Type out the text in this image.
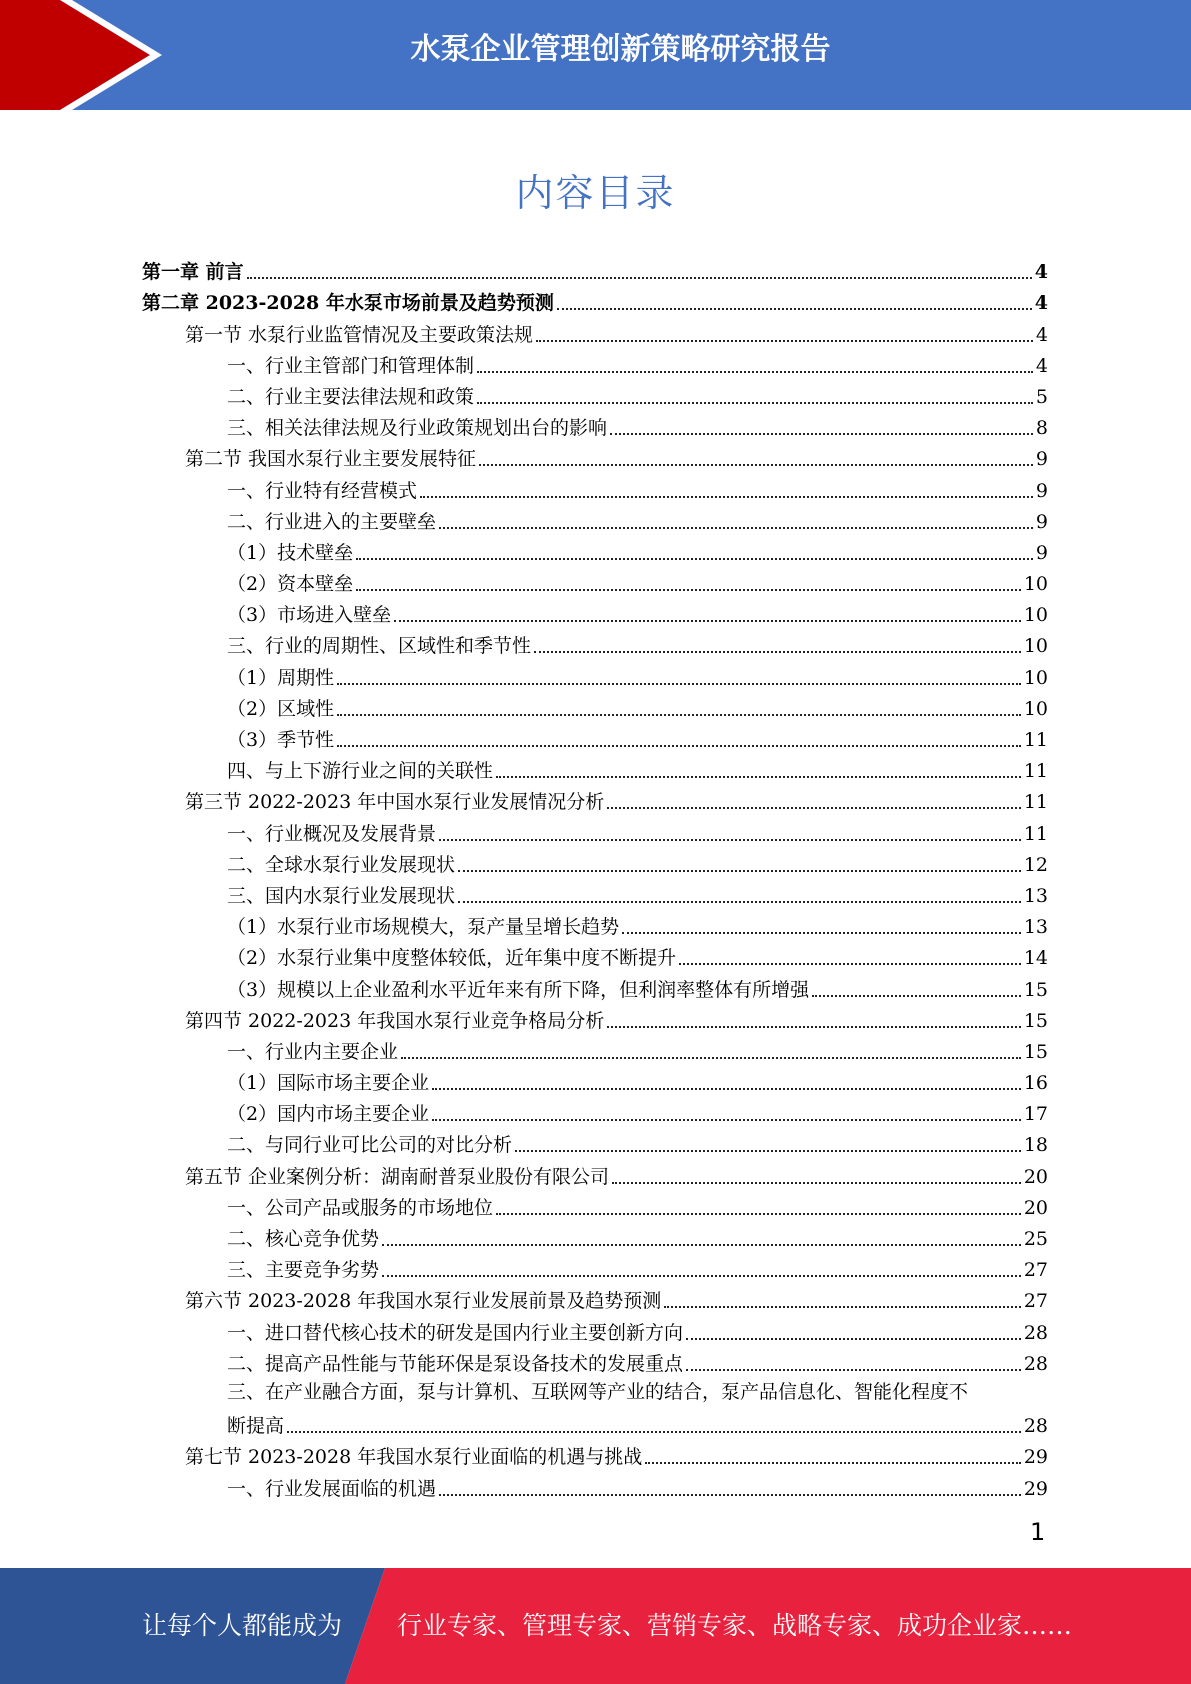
水泵企业管理创新策略研究报告
内容目录
第一章 前言	4
第二章 2023-2028 年水泵市场前景及趋势预测	4
第一节 水泵行业监管情况及主要政策法规	4
一、行业主管部门和管理体制	4
二、行业主要法律法规和政策	5
三、相关法律法规及行业政策规划出台的影响	8
第二节 我国水泵行业主要发展特征	9
一、行业特有经营模式	9
二、行业进入的主要壁垒	9
（1）技术壁垒	9
（2）资本壁垒	10
（3）市场进入壁垒	10
三、行业的周期性、区域性和季节性	10
（1）周期性	10
（2）区域性	10
（3）季节性	11
四、与上下游行业之间的关联性	11
第三节 2022-2023 年中国水泵行业发展情况分析	11
一、行业概况及发展背景	11
二、全球水泵行业发展现状	12
三、国内水泵行业发展现状	13
（1）水泵行业市场规模大，泵产量呈增长趋势	13
（2）水泵行业集中度整体较低，近年集中度不断提升	14
（3）规模以上企业盈利水平近年来有所下降，但利润率整体有所增强	15
第四节 2022-2023 年我国水泵行业竞争格局分析	15
一、行业内主要企业	15
（1）国际市场主要企业	16
（2）国内市场主要企业	17
二、与同行业可比公司的对比分析	18
第五节 企业案例分析：湖南耐普泵业股份有限公司	20
一、公司产品或服务的市场地位	20
二、核心竞争优势	25
三、主要竞争劣势	27
第六节 2023-2028 年我国水泵行业发展前景及趋势预测	27
一、进口替代核心技术的研发是国内行业主要创新方向	28
二、提高产品性能与节能环保是泵设备技术的发展重点	28
三、在产业融合方面，泵与计算机、互联网等产业的结合，泵产品信息化、智能化程度不
断提高	28
第七节 2023-2028 年我国水泵行业面临的机遇与挑战	29
一、行业发展面临的机遇	29
1
让每个人都能成为 行业专家、管理专家、营销专家、战略专家、成功企业家……
